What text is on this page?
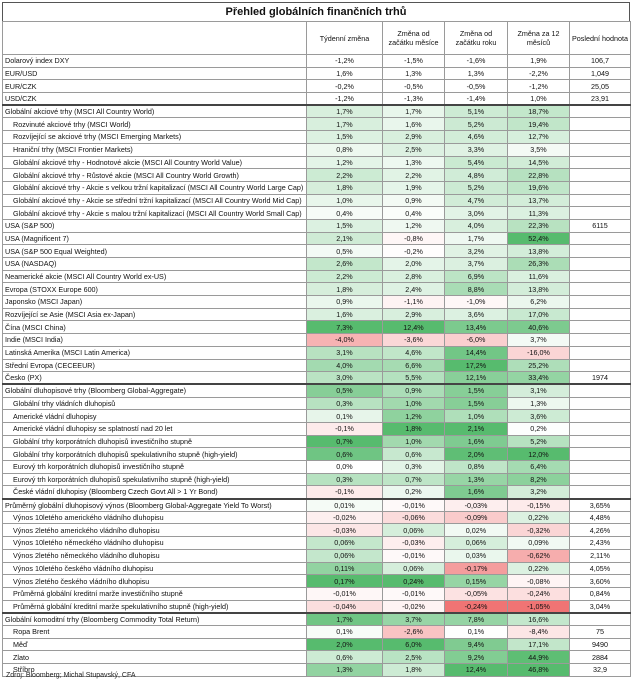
Přehled globálních finančních trhů
	Týdenní změna	Změna od začátku měsíce	Změna od začátku roku	Změna za 12 měsíců	Poslední hodnota
Dolarový index DXY	-1,2%	-1,5%	-1,6%	1,9%	106,7
EUR/USD	1,6%	1,3%	1,3%	-2,2%	1,049
EUR/CZK	-0,2%	-0,5%	-0,5%	-1,2%	25,05
USD/CZK	-1,2%	-1,3%	-1,4%	1,0%	23,91
Globální akciové trhy (MSCI All Country World)	1,7%	1,7%	5,1%	18,7%	
Rozvinuté akciové trhy (MSCI World)	1,7%	1,6%	5,2%	19,4%	
Rozvíjející se akciové trhy (MSCI Emerging Markets)	1,5%	2,9%	4,6%	12,7%	
Hraniční trhy (MSCI Frontier Markets)	0,8%	2,5%	3,3%	3,5%	
Globální akciové trhy - Hodnotové akcie (MSCI All Country World Value)	1,2%	1,3%	5,4%	14,5%	
Globální akciové trhy - Růstové akcie (MSCI All Country World Growth)	2,2%	2,2%	4,8%	22,8%	
Globální akciové trhy - Akcie s velkou tržní kapitalizací (MSCI All Country World Large Cap)	1,8%	1,9%	5,2%	19,6%	
Globální akciové trhy - Akcie se střední tržní kapitalizací (MSCI All Country World Mid Cap)	1,0%	0,9%	4,7%	13,7%	
Globální akciové trhy - Akcie s malou tržní kapitalizací (MSCI All Country World Small Cap)	0,4%	0,4%	3,0%	11,3%	
USA (S&P 500)	1,5%	1,2%	4,0%	22,3%	6115
USA (Magnificent 7)	2,1%	-0,8%	1,7%	52,4%	
USA (S&P 500 Equal Weighted)	0,5%	-0,2%	3,2%	13,8%	
USA (NASDAQ)	2,6%	2,0%	3,7%	26,3%	
Neamerické akcie (MSCI All Country World ex-US)	2,2%	2,8%	6,9%	11,6%	
Evropa (STOXX Europe 600)	1,8%	2,4%	8,8%	13,8%	
Japonsko (MSCI Japan)	0,9%	-1,1%	-1,0%	6,2%	
Rozvíjející se Asie (MSCI Asia ex-Japan)	1,6%	2,9%	3,6%	17,0%	
Čína (MSCI China)	7,3%	12,4%	13,4%	40,6%	
Indie (MSCI India)	-4,0%	-3,6%	-6,0%	3,7%	
Latinská Amerika (MSCI Latin America)	3,1%	4,6%	14,4%	-16,0%	
Střední Evropa (CECEEUR)	4,0%	6,6%	17,2%	25,2%	
Česko (PX)	3,0%	5,5%	12,1%	33,4%	1974
Globální dluhopisové trhy (Bloomberg Global-Aggregate)	0,5%	0,9%	1,5%	3,1%	
Globální trhy vládních dluhopisů	0,3%	1,0%	1,5%	1,3%	
Americké vládní dluhopisy	0,1%	1,2%	1,0%	3,6%	
Americké vládní dluhopisy se splatností nad 20 let	-0,1%	1,8%	2,1%	0,2%	
Globální trhy korporátních dluhopisů investičního stupně	0,7%	1,0%	1,6%	5,2%	
Globální trhy korporátních dluhopisů spekulativního stupně (high-yield)	0,6%	0,6%	2,0%	12,0%	
Eurový trh korporátních dluhopisů investičního stupně	0,0%	0,3%	0,8%	6,4%	
Eurový trh korporátních dluhopisů spekulativního stupně (high-yield)	0,3%	0,7%	1,3%	8,2%	
České vládní dluhopisy (Bloomberg Czech Govt All > 1 Yr Bond)	-0,1%	0,2%	1,6%	3,2%	
Průměrný globální dluhopisový výnos (Bloomberg Global-Aggregate Yield To Worst)	0,01%	-0,01%	-0,03%	-0,15%	3,65%
Výnos 10letého amerického vládního dluhopisu	-0,02%	-0,06%	-0,09%	0,22%	4,48%
Výnos 2letého amerického vládního dluhopisu	-0,03%	0,06%	0,02%	-0,32%	4,26%
Výnos 10letého německého vládního dluhopisu	0,06%	-0,03%	0,06%	0,09%	2,43%
Výnos 2letého německého vládního dluhopisu	0,06%	-0,01%	0,03%	-0,62%	2,11%
Výnos 10letého českého vládního dluhopisu	0,11%	0,06%	-0,17%	0,22%	4,05%
Výnos 2letého českého vládního dluhopisu	0,17%	0,24%	0,15%	-0,08%	3,60%
Průměrná globální kreditní marže investičního stupně	-0,01%	-0,01%	-0,05%	-0,24%	0,84%
Průměrná globální kreditní marže spekulativního stupně (high-yield)	-0,04%	-0,02%	-0,24%	-1,05%	3,04%
Globální komoditní trhy (Bloomberg Commodity Total Return)	1,7%	3,7%	7,8%	16,6%	
Ropa Brent	0,1%	-2,6%	0,1%	-8,4%	75
Měď	2,0%	6,0%	9,4%	17,1%	9490
Zlato	0,6%	2,5%	9,2%	44,9%	2884
Stříbro	1,3%	1,8%	12,4%	46,8%	32,9
Zdroj: Bloomberg; Michal Stupavský, CFA
